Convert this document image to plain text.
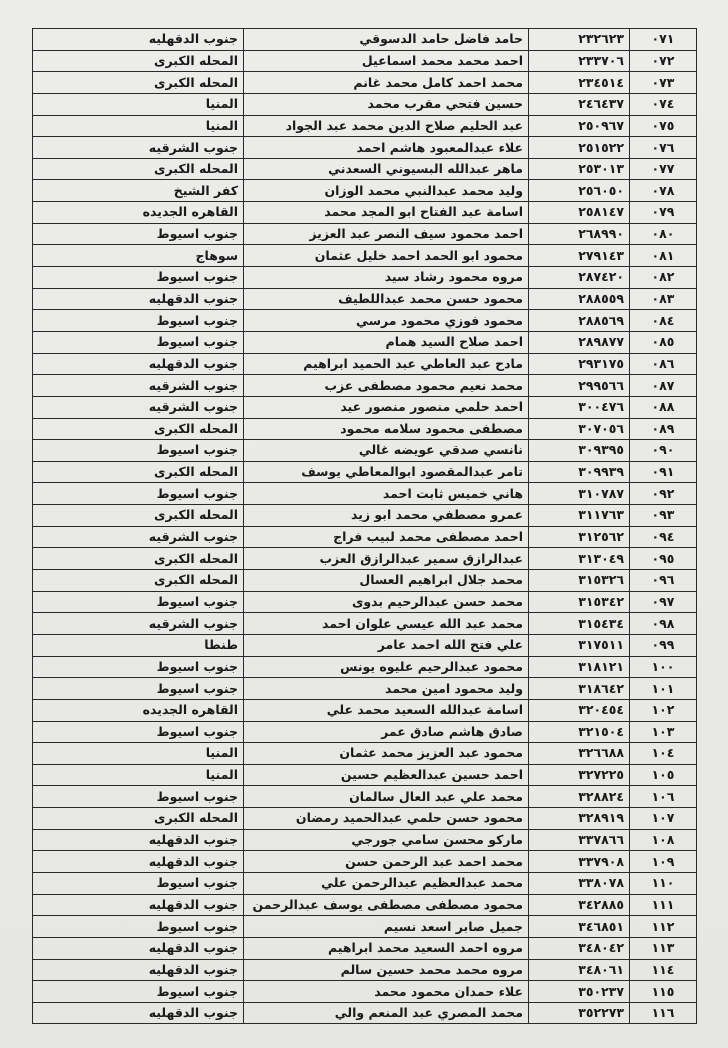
٠٧١	٢٣٢٦٢٣	حامد فاضل حامد الدسوقي	جنوب الدقهليه
٠٧٢	٢٣٣٧٠٦	احمد محمد محمد اسماعيل	المحله الكبرى
٠٧٣	٢٣٤٥١٤	محمد احمد كامل محمد غانم	المحله الكبرى
٠٧٤	٢٤٦٤٣٧	حسين فتحي مقرب محمد	المنيا
٠٧٥	٢٥٠٩٦٧	عبد الحليم صلاح الدين محمد عبد الجواد	المنيا
٠٧٦	٢٥١٥٢٢	علاء عبدالمعبود هاشم احمد	جنوب الشرقيه
٠٧٧	٢٥٣٠١٣	ماهر عبدالله البسيوني السعدني	المحله الكبرى
٠٧٨	٢٥٦٠٥٠	وليد محمد عبدالنبي محمد الوزان	كفر الشيخ
٠٧٩	٢٥٨١٤٧	اسامة عبد الفتاح ابو المجد محمد	القاهره الجديده
٠٨٠	٢٦٨٩٩٠	احمد محمود سيف النصر عبد العزيز	جنوب اسيوط
٠٨١	٢٧٩١٤٣	محمود ابو الحمد احمد خليل عثمان	سوهاج
٠٨٢	٢٨٧٤٢٠	مروه محمود رشاد سيد	جنوب اسيوط
٠٨٣	٢٨٨٥٥٩	محمود حسن محمد عبداللطيف	جنوب الدقهليه
٠٨٤	٢٨٨٥٦٩	محمود فوزي محمود مرسي	جنوب اسيوط
٠٨٥	٢٨٩٨٧٧	احمد صلاح السيد همام	جنوب اسيوط
٠٨٦	٢٩٣١٧٥	مادح عبد العاطي عبد الحميد ابراهيم	جنوب الدقهليه
٠٨٧	٢٩٩٥٦٦	محمد نعيم محمود مصطفى عزب	جنوب الشرقيه
٠٨٨	٣٠٠٤٧٦	احمد حلمي منصور منصور عيد	جنوب الشرقيه
٠٨٩	٣٠٧٠٥٦	مصطفى محمود سلامه محمود	المحله الكبرى
٠٩٠	٣٠٩٣٩٥	نانسي صدقي عويضه غالي	جنوب اسيوط
٠٩١	٣٠٩٩٣٩	تامر عبدالمقصود ابوالمعاطي يوسف	المحله الكبرى
٠٩٢	٣١٠٧٨٧	هاني خميس ثابت احمد	جنوب اسيوط
٠٩٣	٣١١٧٦٣	عمرو مصطفي محمد ابو زيد	المحله الكبرى
٠٩٤	٣١٢٥٦٢	احمد مصطفى محمد لبيب فراج	جنوب الشرقيه
٠٩٥	٣١٣٠٤٩	عبدالرازق سمير عبدالرازق العزب	المحله الكبرى
٠٩٦	٣١٥٣٢٦	محمد جلال ابراهيم العسال	المحله الكبرى
٠٩٧	٣١٥٣٤٢	محمد حسن عبدالرحيم بدوى	جنوب اسيوط
٠٩٨	٣١٥٤٣٤	محمد عبد الله عيسي علوان احمد	جنوب الشرقيه
٠٩٩	٣١٧٥١١	علي فتح الله احمد عامر	طنطا
١٠٠	٣١٨١٢١	محمود عبدالرحيم عليوه يونس	جنوب اسيوط
١٠١	٣١٨٦٤٢	وليد محمود امين محمد	جنوب اسيوط
١٠٢	٣٢٠٤٥٤	اسامة عبدالله السعيد محمد علي	القاهره الجديده
١٠٣	٣٢١٥٠٤	صادق هاشم صادق عمر	جنوب اسيوط
١٠٤	٣٢٦٦٨٨	محمود عبد العزيز محمد عثمان	المنيا
١٠٥	٣٢٧٢٢٥	احمد حسين عبدالعظيم حسين	المنيا
١٠٦	٣٢٨٨٢٤	محمد علي عبد العال سالمان	جنوب اسيوط
١٠٧	٣٢٨٩١٩	محمود حسن حلمي عبدالحميد رمضان	المحله الكبرى
١٠٨	٣٣٧٨٦٦	ماركو محسن سامي جورجي	جنوب الدقهليه
١٠٩	٣٣٧٩٠٨	محمد احمد عبد الرحمن حسن	جنوب الدقهليه
١١٠	٣٣٨٠٧٨	محمد عبدالعظيم عبدالرحمن علي	جنوب اسيوط
١١١	٣٤٢٨٨٥	محمود مصطفى مصطفى يوسف عبدالرحمن	جنوب الدقهليه
١١٢	٣٤٦٨٥١	جميل صابر اسعد نسيم	جنوب اسيوط
١١٣	٣٤٨٠٤٢	مروه احمد السعيد محمد ابراهيم	جنوب الدقهليه
١١٤	٣٤٨٠٦١	مروه محمد محمد حسين سالم	جنوب الدقهليه
١١٥	٣٥٠٢٣٧	علاء حمدان محمود محمد	جنوب اسيوط
١١٦	٣٥٢٢٧٣	محمد المصري عبد المنعم والي	جنوب الدقهليه
